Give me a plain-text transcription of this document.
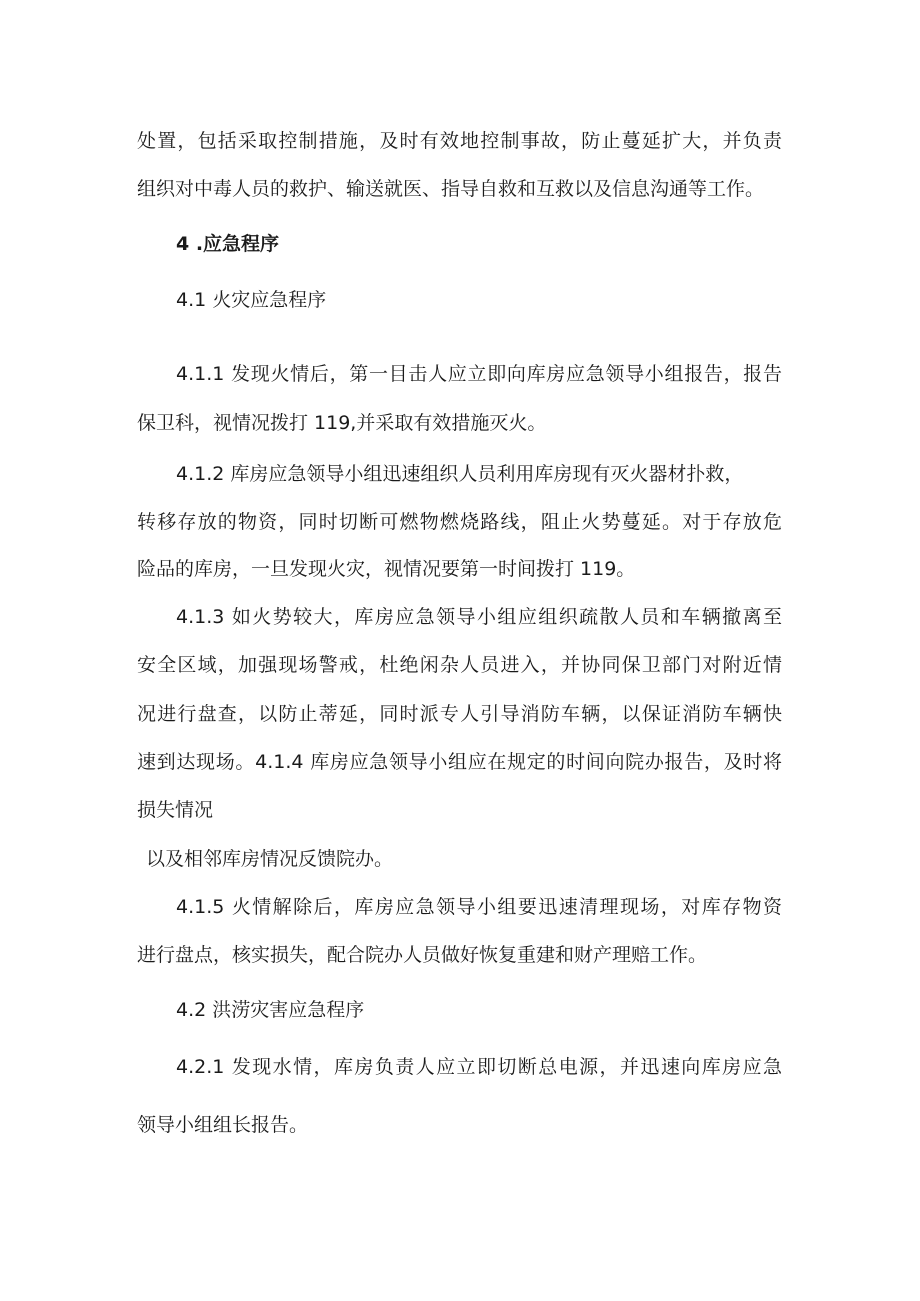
处置，包括采取控制措施，及时有效地控制事故，防止蔓延扩大，并负责
组织对中毒人员的救护、输送就医、指导自救和互救以及信息沟通等工作。
4 .应急程序
4.1 火灾应急程序
4.1.1 发现火情后，第一目击人应立即向库房应急领导小组报告，报告
保卫科，视情况拨打 119,并采取有效措施灭火。
4.1.2 库房应急领导小组迅速组织人员利用库房现有灭火器材扑救，
转移存放的物资，同时切断可燃物燃烧路线，阻止火势蔓延。对于存放危
险品的库房，一旦发现火灾，视情况要第一时间拨打 119。
4.1.3 如火势较大，库房应急领导小组应组织疏散人员和车辆撤离至
安全区域，加强现场警戒，杜绝闲杂人员进入，并协同保卫部门对附近情
况进行盘查，以防止蒂延，同时派专人引导消防车辆，以保证消防车辆快
速到达现场。4.1.4 库房应急领导小组应在规定的时间向院办报告，及时将
损失情况
以及相邻库房情况反馈院办。
4.1.5 火情解除后，库房应急领导小组要迅速清理现场，对库存物资
进行盘点，核实损失，配合院办人员做好恢复重建和财产理赔工作。
4.2 洪涝灾害应急程序
4.2.1 发现水情，库房负责人应立即切断总电源，并迅速向库房应急
领导小组组长报告。
